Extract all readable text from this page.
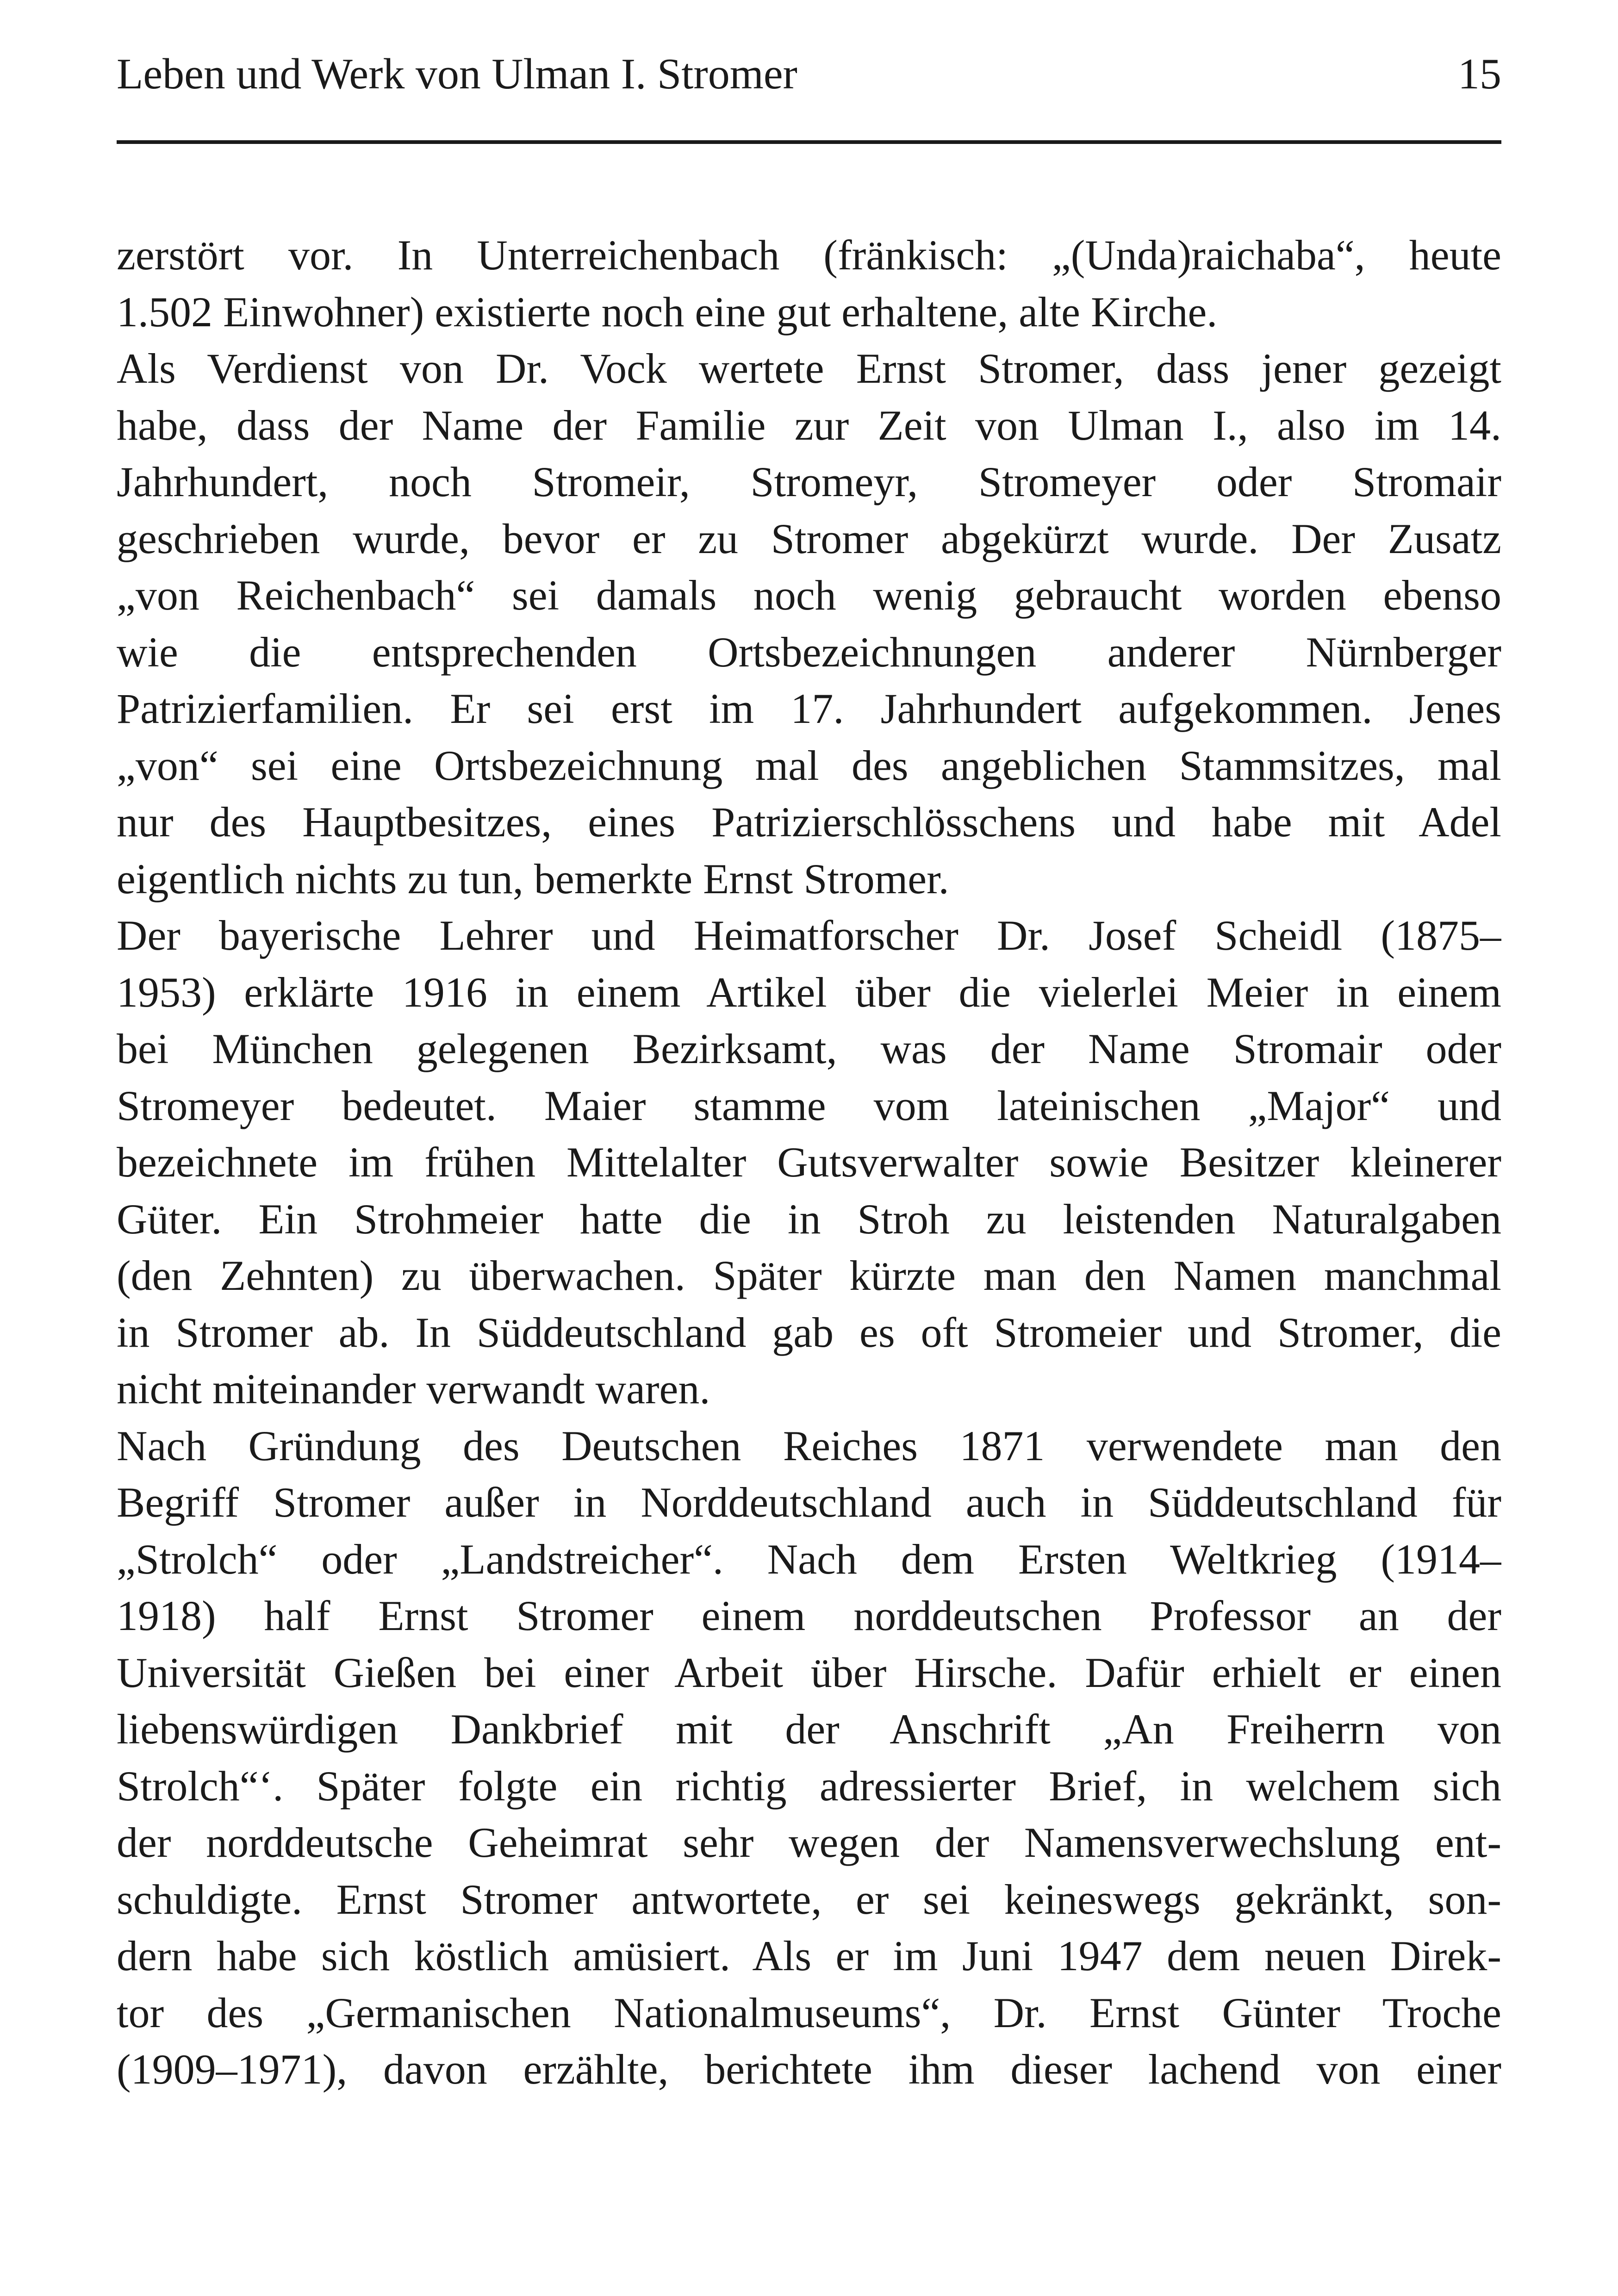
Leben und Werk von Ulman I. Stromer	15
zerstört vor. In Unterreichenbach (fränkisch: „(Unda)raichaba“, heute
1.502 Einwohner) existierte noch eine gut erhaltene, alte Kirche.
Als Verdienst von Dr. Vock wertete Ernst Stromer, dass jener gezeigt
habe, dass der Name der Familie zur Zeit von Ulman I., also im 14.
Jahrhundert, noch Stromeir, Stromeyr, Stromeyer oder Stromair
geschrieben wurde, bevor er zu Stromer abgekürzt wurde. Der Zusatz
„von Reichenbach“ sei damals noch wenig gebraucht worden ebenso
wie die entsprechenden Ortsbezeichnungen anderer Nürnberger
Patrizierfamilien. Er sei erst im 17. Jahrhundert aufgekommen. Jenes
„von“ sei eine Ortsbezeichnung mal des angeblichen Stammsitzes, mal
nur des Hauptbesitzes, eines Patrizierschlösschens und habe mit Adel
eigentlich nichts zu tun, bemerkte Ernst Stromer.
Der bayerische Lehrer und Heimatforscher Dr. Josef Scheidl (1875–
1953) erklärte 1916 in einem Artikel über die vielerlei Meier in einem
bei München gelegenen Bezirksamt, was der Name Stromair oder
Stromeyer bedeutet. Maier stamme vom lateinischen „Major“ und
bezeichnete im frühen Mittelalter Gutsverwalter sowie Besitzer kleinerer
Güter. Ein Strohmeier hatte die in Stroh zu leistenden Naturalgaben
(den Zehnten) zu überwachen. Später kürzte man den Namen manchmal
in Stromer ab. In Süddeutschland gab es oft Stromeier und Stromer, die
nicht miteinander verwandt waren.
Nach Gründung des Deutschen Reiches 1871 verwendete man den
Begriff Stromer außer in Norddeutschland auch in Süddeutschland für
„Strolch“ oder „Landstreicher“. Nach dem Ersten Weltkrieg (1914–
1918) half Ernst Stromer einem norddeutschen Professor an der
Universität Gießen bei einer Arbeit über Hirsche. Dafür erhielt er einen
liebenswürdigen Dankbrief mit der Anschrift „An Freiherrn von
Strolch“‘. Später folgte ein richtig adressierter Brief, in welchem sich
der norddeutsche Geheimrat sehr wegen der Namensverwechslung ent-
schuldigte. Ernst Stromer antwortete, er sei keineswegs gekränkt, son-
dern habe sich köstlich amüsiert. Als er im Juni 1947 dem neuen Direk-
tor des „Germanischen Nationalmuseums“, Dr. Ernst Günter Troche
(1909–1971), davon erzählte, berichtete ihm dieser lachend von einer
